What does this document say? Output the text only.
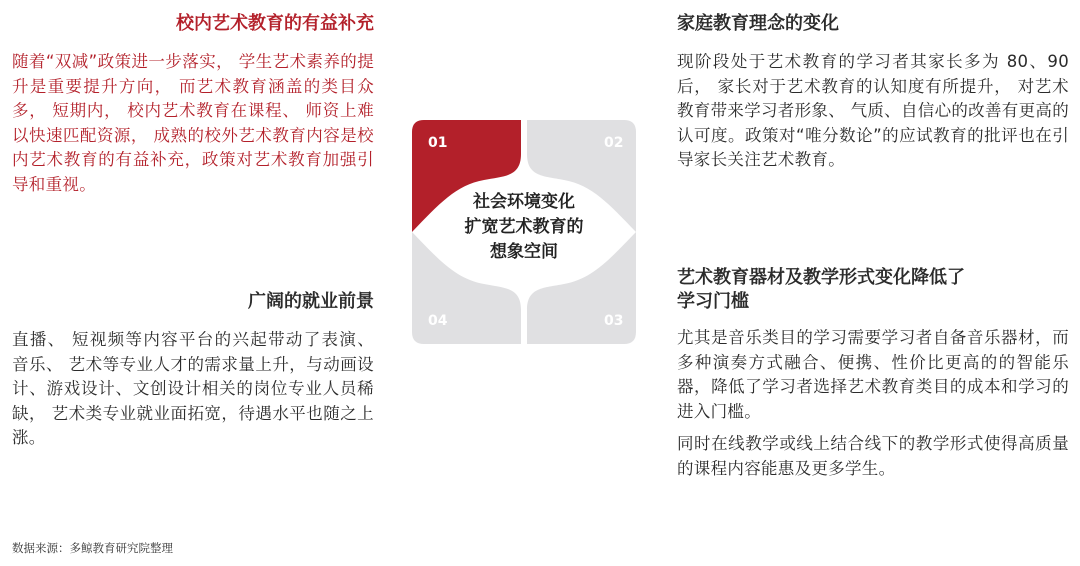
校内艺术教育的有益补充

随着“双减”政策进一步落实， 学生艺术素养的提升是重要提升方向， 而艺术教育涵盖的类目众多， 短期内， 校内艺术教育在课程、 师资上难以快速匹配资源， 成熟的校外艺术教育内容是校内艺术教育的有益补充，政策对艺术教育加强引导和重视。

广阔的就业前景

直播、 短视频等内容平台的兴起带动了表演、 音乐、 艺术等专业人才的需求量上升，与动画设计、游戏设计、文创设计相关的岗位专业人员稀缺， 艺术类专业就业面拓宽，待遇水平也随之上涨。

家庭教育理念的变化

现阶段处于艺术教育的学习者其家长多为 80、90 后， 家长对于艺术教育的认知度有所提升， 对艺术教育带来学习者形象、 气质、自信心的改善有更高的认可度。政策对“唯分数论”的应试教育的批评也在引导家长关注艺术教育。

艺术教育器材及教学形式变化降低了
学习门槛

尤其是音乐类目的学习需要学习者自备音乐器材，而多种演奏方式融合、便携、性价比更高的的智能乐器，降低了学习者选择艺术教育类目的成本和学习的进入门槛。

同时在线教学或线上结合线下的教学形式使得高质量的课程内容能惠及更多学生。

01	02
03
04
社会环境变化
扩宽艺术教育的
想象空间
数据来源：多鲸教育研究院整理
